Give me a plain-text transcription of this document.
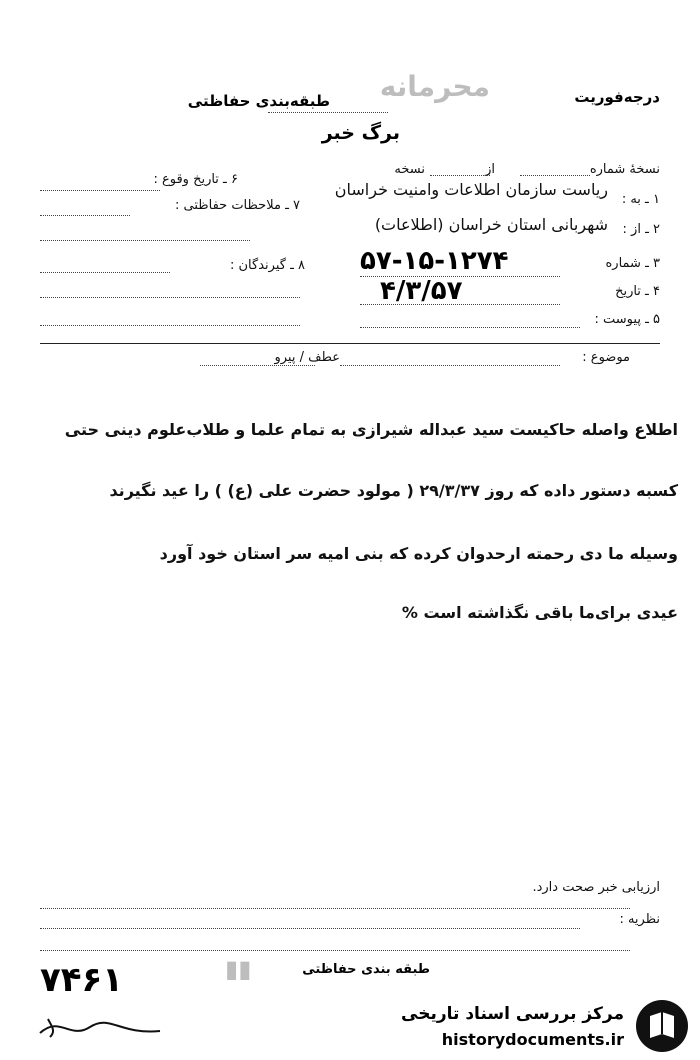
درجه‌فوریت
محرمانه
طبقه‌بندی حفاظتی
برگ خبر
نسخهٔ شماره
از
نسخه
۱ ـ به :
ریاست سازمان اطلاعات وامنیت خراسان
۲ ـ از :
شهربانی استان خراسان (اطلاعات)
۳ ـ شماره
۵۷-۱۵-۱۲۷۴
۴ ـ تاریخ
۴/۳/۵۷
۵ ـ پیوست :
۶ ـ تاریخ وقوع :
۷ ـ ملاحظات حفاظتی :
۸ ـ گیرندگان :
موضوع :
عطف / پیرو
اطلاع واصله حاکیست سید عبداله شیرازی به تمام علما و طلاب‌علوم دینی حتی
کسبه دستور داده که روز ۲۹/۳/۳۷ ( مولود حضرت علی (ع) ) را عید نگیرند
وسیله ما دی رحمته ارحدوان کرده که بنی امیه سر استان خود آورد
عیدی برای‌ما باقی نگذاشته است %
ارزیابی خبر صحت دارد.
نظریه :
طبقه بندی حفاظتی
▮▮
۷۴۶۱
مرکز بررسی اسناد تاریخی
historydocuments.ir
